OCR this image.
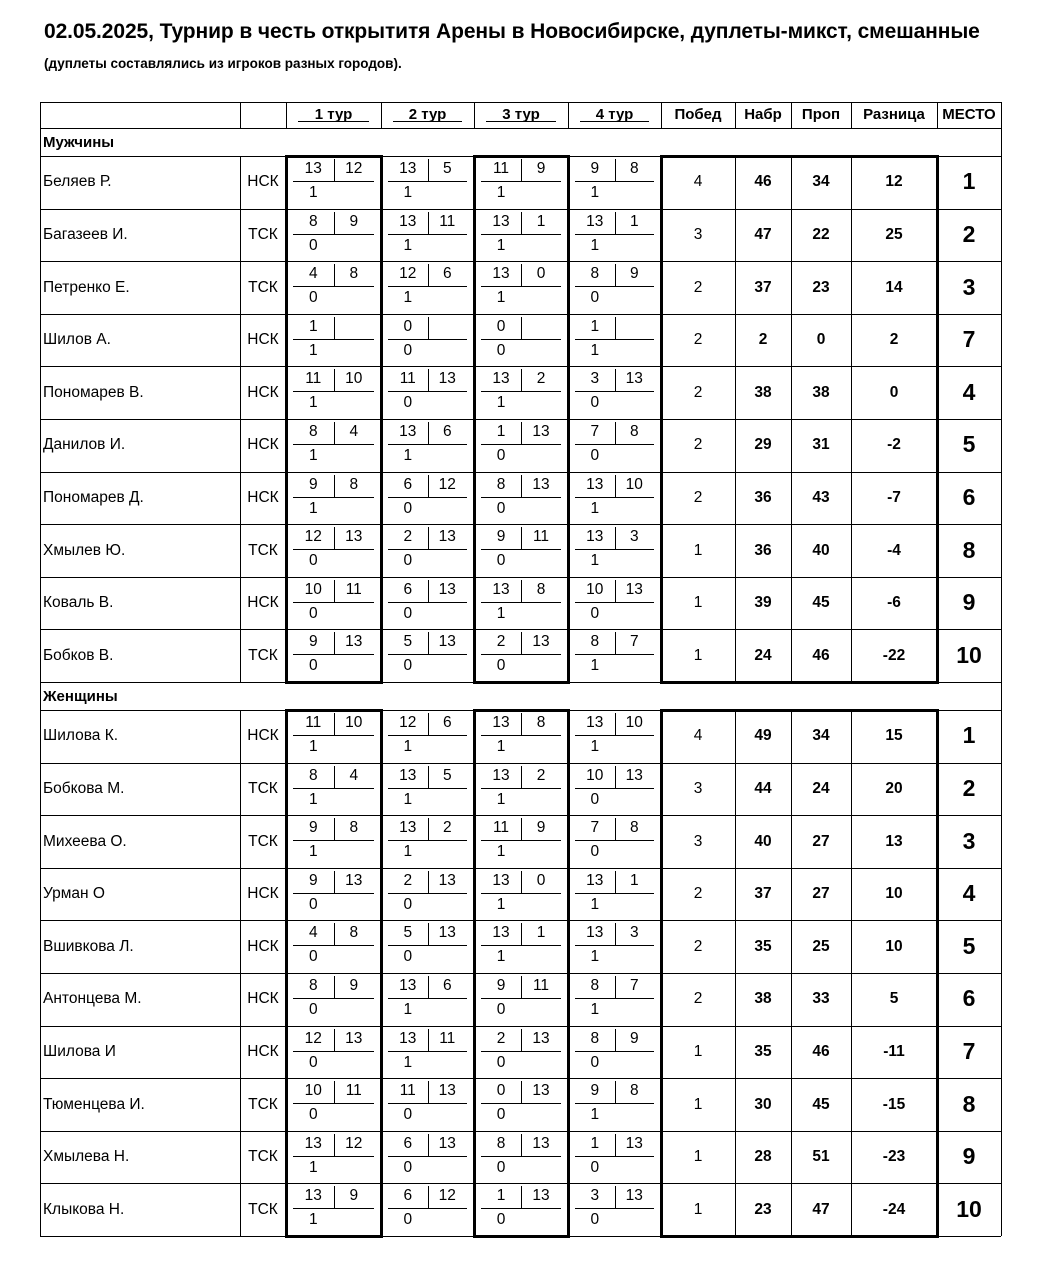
02.05.2025, Турнир в честь открытитя Арены в Новосибирске, дуплеты-микст, смешанные
(дуплеты составлялись из игроков разных городов).
1 тур	2 тур	3 тур	4 тур	Побед Набр Проп Разница МЕСТО
Мужчины
Беляев Р.	НСК
13 12
1
13 5
1
11 9
1
9 8
1
4	46	34	12	1
Багазеев И.	ТСК
8 9
0
13 11
1
13 1
1
13 1
1
3	47	22	25	2
Петренко Е.	ТСК
4 8
0
12 6
1
13 0
1
8 9
0
2	37	23	14	3
Шилов А.	НСК
1
1
0
0
0
0
1
1
2	2	0	2	7
Пономарев В.	НСК
11 10
1
11 13
0
13 2
1
3 13
0
2	38	38	0	4
Данилов И.	НСК
8 4
1
13 6
1
1 13
0
7 8
0
2	29	31	-2	5
Пономарев Д.	НСК
9 8
1
6 12
0
8 13
0
13 10
1
2	36	43	-7	6
Хмылев Ю.	ТСК
12 13
0
2 13
0
9 11
0
13 3
1
1	36	40	-4	8
Коваль В.	НСК
10 11
0
6 13
0
13 8
1
10 13
0
1	39	45	-6	9
Бобков В.	ТСК
9 13
0
5 13
0
2 13
0
8 7
1
1	24	46	-22 10
Женщины
Шилова К.	НСК
11 10
1
12 6
1
13 8
1
13 10
1
4	49	34	15	1
Бобкова М.	ТСК
8 4
1
13 5
1
13 2
1
10 13
0
3	44	24	20	2
Михеева О.	ТСК
9 8
1
13 2
1
11 9
1
7 8
0
3	40	27	13	3
Урман О	НСК
9 13
0
2 13
0
13 0
1
13 1
1
2	37	27	10	4
Вшивкова Л.	НСК
4 8
0
5 13
0
13 1
1
13 3
1
2	35	25	10	5
Антонцева М.	НСК
8 9
0
13 6
1
9 11
0
8 7
1
2	38	33	5	6
Шилова И	НСК
12 13
0
13 11
1
2 13
0
8 9
0
1	35	46	-11	7
Тюменцева И.	ТСК
10 11
0
11 13
0
0 13
0
9 8
1
1	30	45	-15 8
Хмылева Н.	ТСК
13 12
1
6 13
0
8 13
0
1 13
0
1	28	51	-23 9
Клыкова Н.	ТСК
13 9
1
6 12
0
1 13
0
3 13
0
1	23	47	-24 10
